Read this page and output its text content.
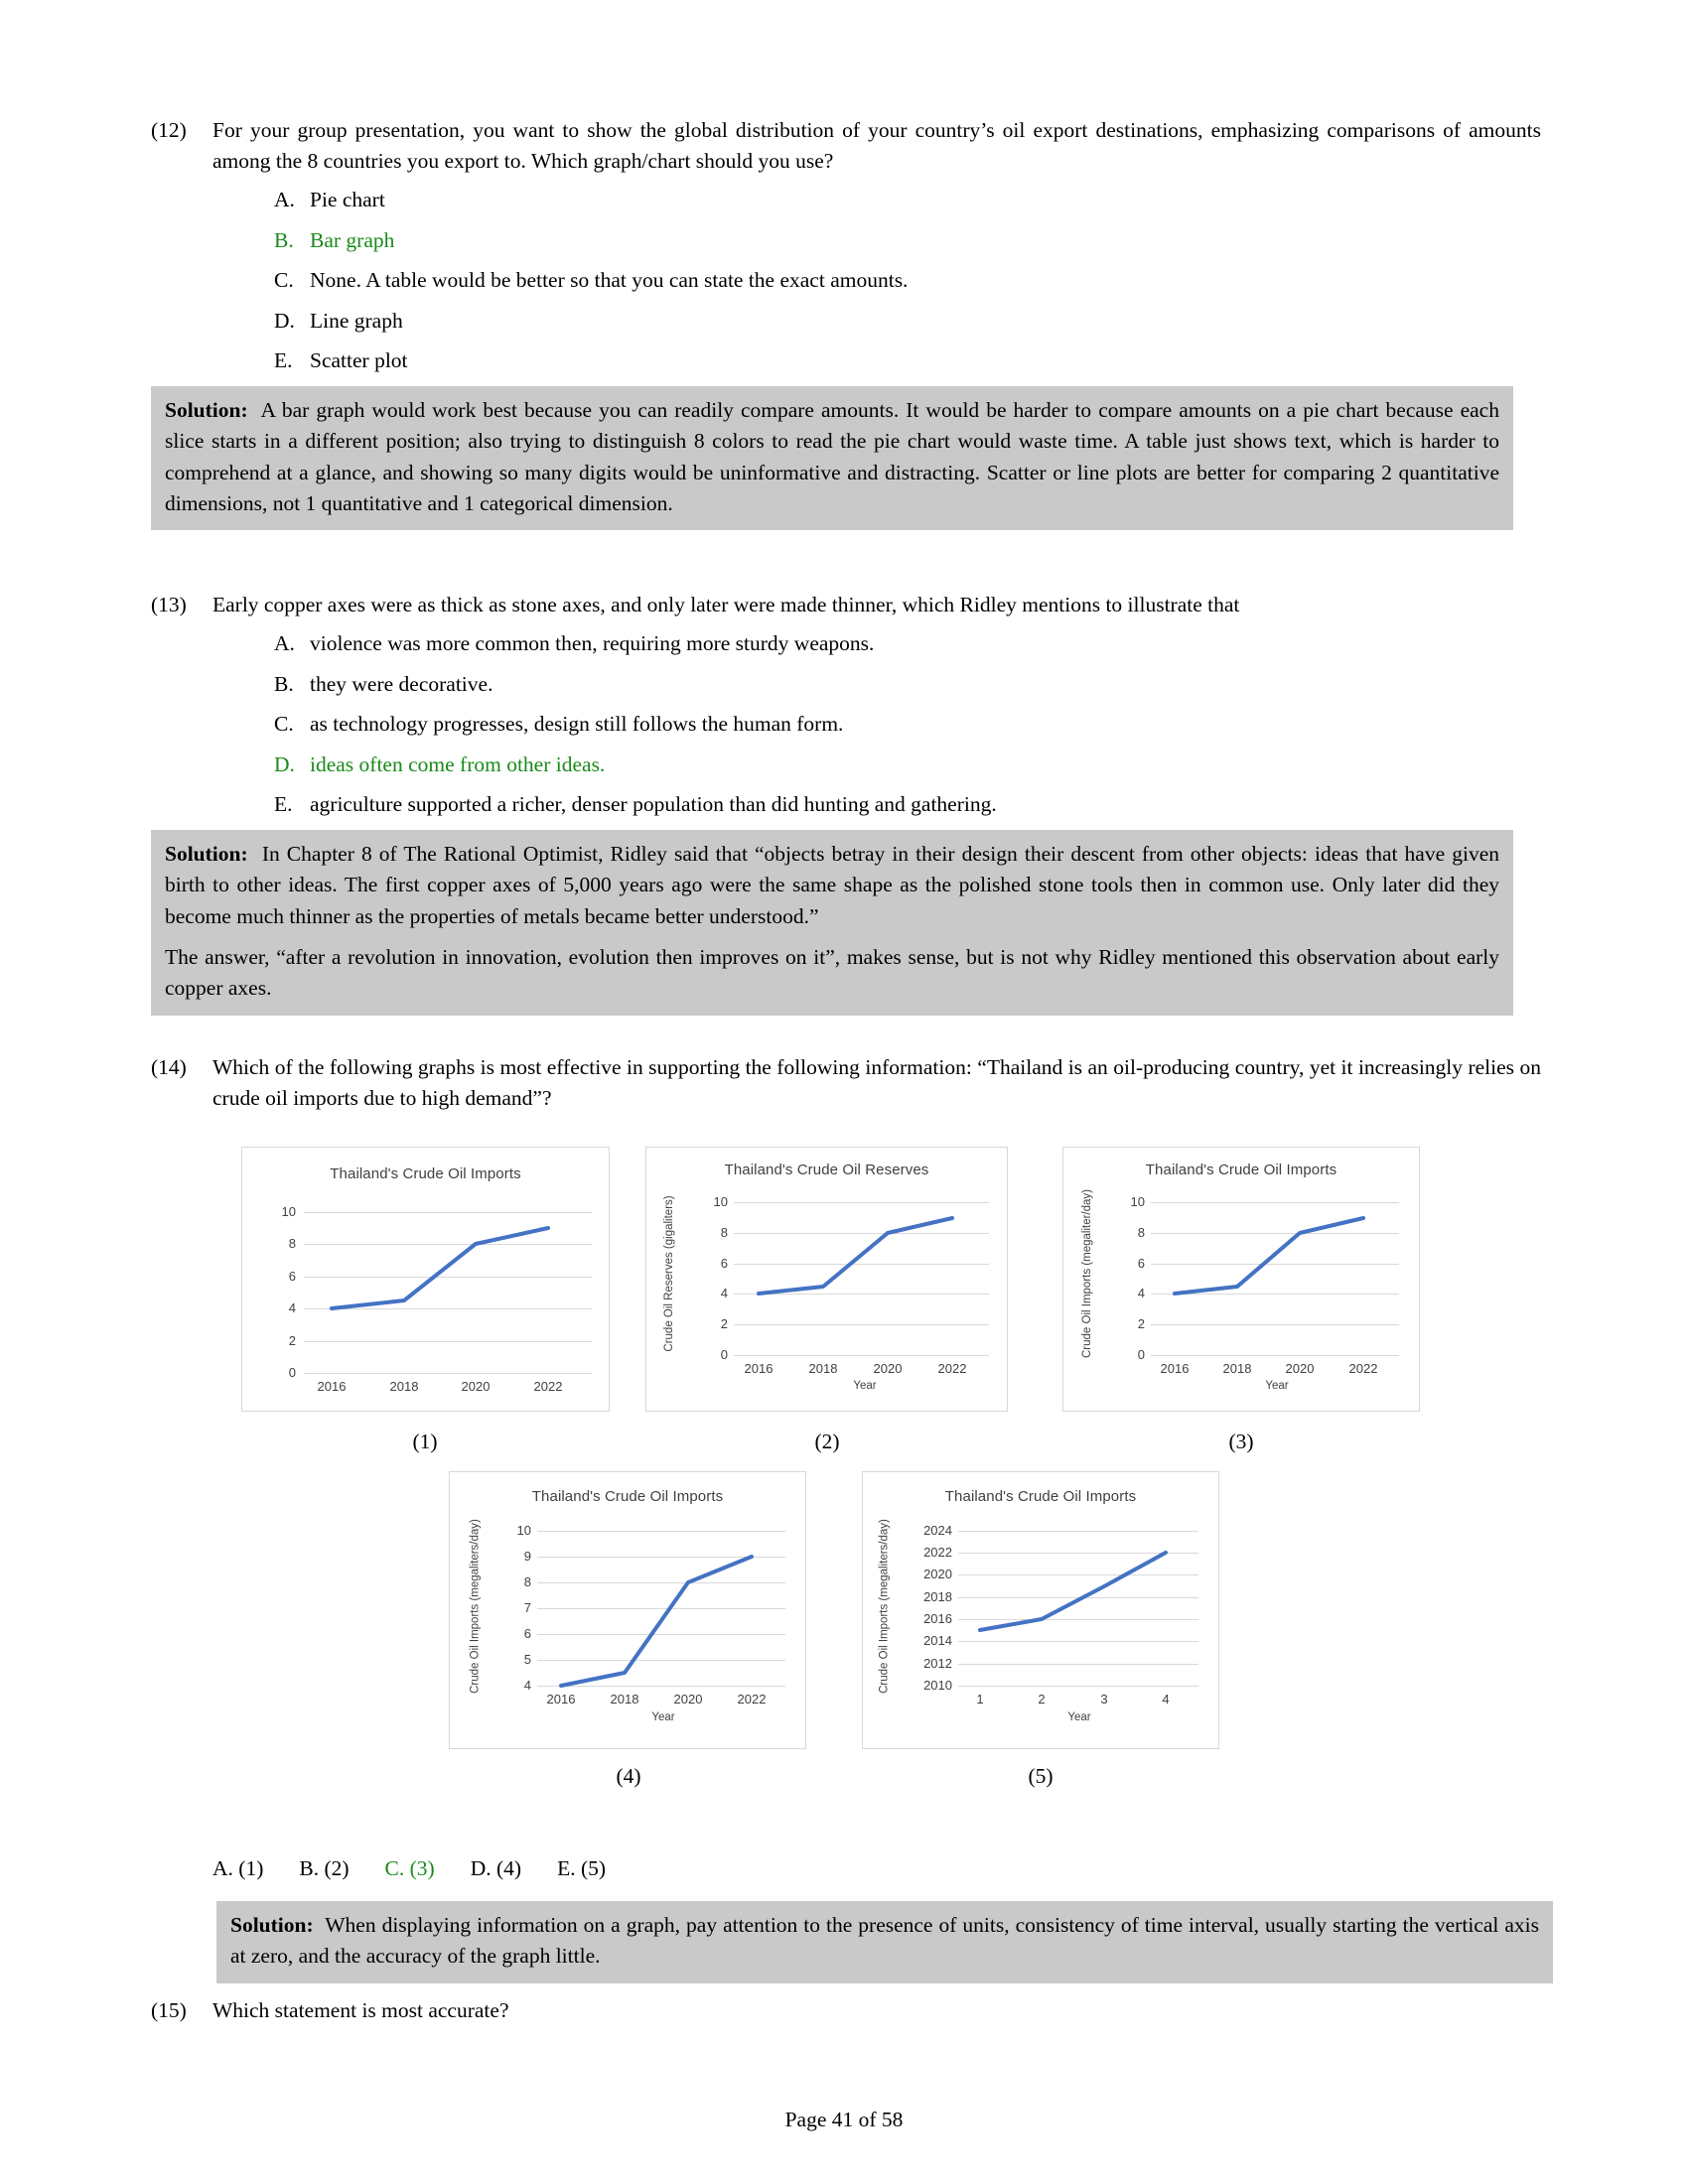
(12)	For your group presentation, you want to show the global distribution of your country’s oil export destinations, emphasizing comparisons of amounts among the 8 countries you export to. Which graph/chart should you use?
A. Pie chart
B. Bar graph
C. None. A table would be better so that you can state the exact amounts.
D. Line graph
E. Scatter plot

Solution: A bar graph would work best because you can readily compare amounts. It would be harder to compare amounts on a pie chart because each slice starts in a different position; also trying to distinguish 8 colors to read the pie chart would waste time. A table just shows text, which is harder to comprehend at a glance, and showing so many digits would be uninformative and distracting. Scatter or line plots are better for comparing 2 quantitative dimensions, not 1 quantitative and 1 categorical dimension.

(13)	Early copper axes were as thick as stone axes, and only later were made thinner, which Ridley mentions to illustrate that
A. violence was more common then, requiring more sturdy weapons.
B. they were decorative.
C. as technology progresses, design still follows the human form.
D. ideas often come from other ideas.
E. agriculture supported a richer, denser population than did hunting and gathering.

Solution: In Chapter 8 of The Rational Optimist, Ridley said that “objects betray in their design their descent from other objects: ideas that have given birth to other ideas. The first copper axes of 5,000 years ago were the same shape as the polished stone tools then in common use. Only later did they become much thinner as the properties of metals became better understood.”

The answer, “after a revolution in innovation, evolution then improves on it”, makes sense, but is not why Ridley mentioned this observation about early copper axes.

(14)	Which of the following graphs is most effective in supporting the following information: “Thailand is an oil-producing country, yet it increasingly relies on crude oil imports due to high demand”?
Thailand's Crude Oil Imports
10
8
6
4
2
0
2016	2018	2020	2022
(1)
Thailand's Crude Oil Reserves
10
8
6
4
2
0
2016	2018	2020	2022
Year
Crude Oil Reserves (gigaliters)
(2)
Thailand's Crude Oil Imports
10
8
6
4
2
0
2016	2018	2020	2022
Year
Crude Oil Imports (megaliter/day)
(3)
Thailand's Crude Oil Imports
10
9
8
7
6
5
4
2016	2018	2020	2022
Year
Crude Oil Imports (megaliters/day)
(4)
Thailand's Crude Oil Imports
2024
2022
2020
2018
2016
2014
2012
2010
1	2	3	4
Year
Crude Oil Imports (megaliters/day)
(5)
A. (1) B. (2) C. (3) D. (4) E. (5)

Solution: When displaying information on a graph, pay attention to the presence of units, consistency of time interval, usually starting the vertical axis at zero, and the accuracy of the graph little.

(15)	Which statement is most accurate?
Page 41 of 58
